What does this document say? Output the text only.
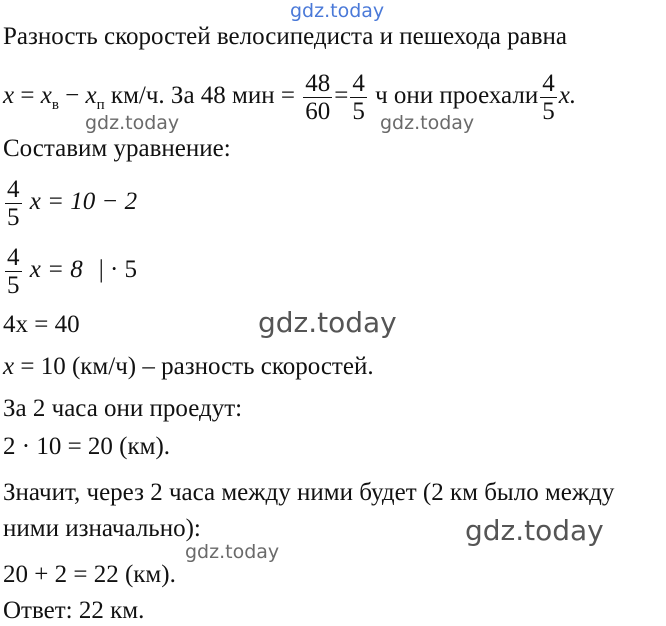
gdz.today
Разность скоростей велосипедиста и пешехода равна
$x = x_в - x_п$ км/ч. За 48 мин = $\frac{48}{60} = \frac{4}{5}$ ч они проехали $\frac{4}{5} x$.
gdz.today	gdz.today
Составим уравнение:
$\frac{4}{5}$ x = 10 − 2
$\frac{4}{5}$ x = 8 | · 5
4x = 40	gdz.today
x = 10 (км/ч) – разность скоростей.
За 2 часа они проедут:
2 · 10 = 20 (км).
Значит, через 2 часа между ними будет (2 км было между
ними изначально):	gdz.today
gdz.today
20 + 2 = 22 (км).
Ответ: 22 км.
